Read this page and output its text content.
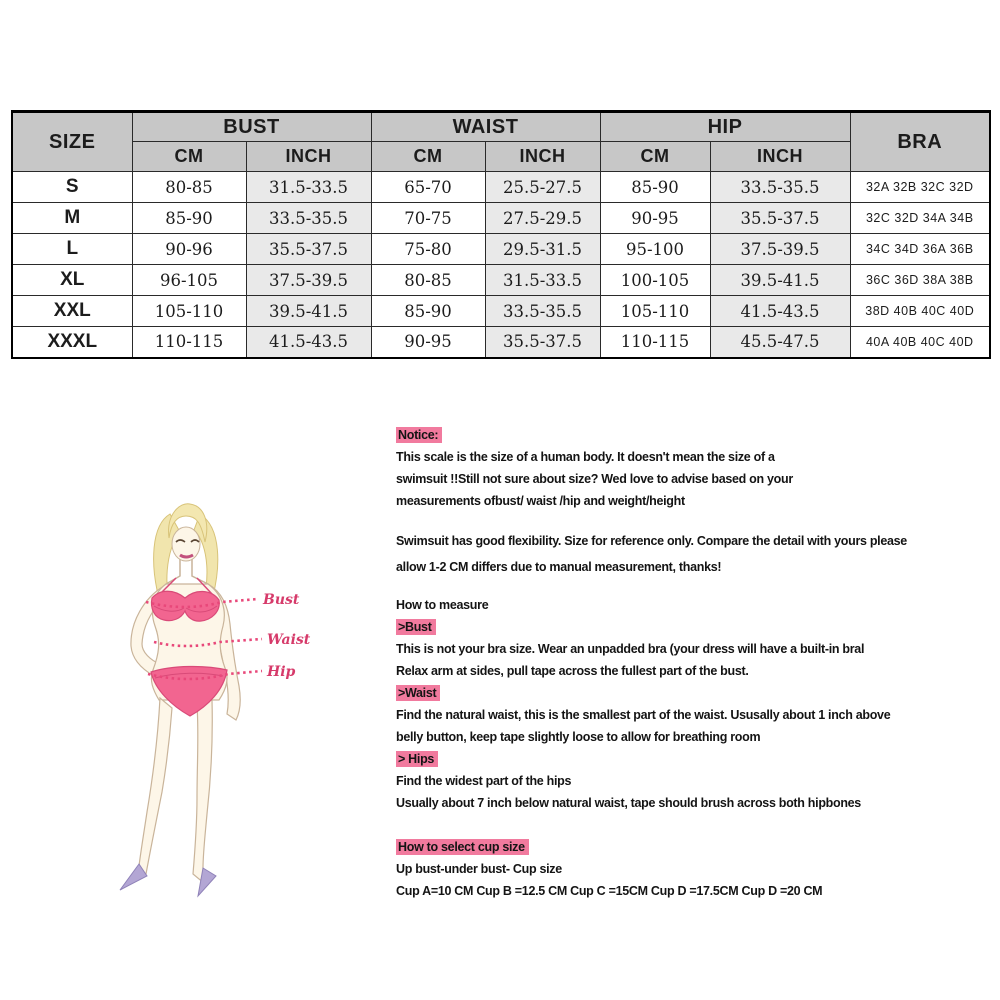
SIZE	BUST		WAIST		HIP		BRA
	CM	INCH	CM	INCH	CM	INCH	
S	80-85	31.5-33.5	65-70	25.5-27.5	85-90	33.5-35.5	32A 32B 32C 32D
M	85-90	33.5-35.5	70-75	27.5-29.5	90-95	35.5-37.5	32C 32D 34A 34B
L	90-96	35.5-37.5	75-80	29.5-31.5	95-100	37.5-39.5	34C 34D 36A 36B
XL	96-105	37.5-39.5	80-85	31.5-33.5	100-105	39.5-41.5	36C 36D 38A 38B
XXL	105-110	39.5-41.5	85-90	33.5-35.5	105-110	41.5-43.5	38D 40B 40C 40D
XXXL	110-115	41.5-43.5	90-95	35.5-37.5	110-115	45.5-47.5	40A 40B 40C 40D
Bust
Waist
Hip
Notice:
This scale is the size of a human body. It doesn't mean the size of a
swimsuit !!Still not sure about size? Wed love to advise based on your
measurements ofbust/ waist /hip and weight/height
Swimsuit has good flexibility. Size for reference only. Compare the detail with yours please
allow 1-2 CM differs due to manual measurement, thanks!
How to measure
>Bust
This is not your bra size. Wear an unpadded bra (your dress will have a built-in bral
Relax arm at sides, pull tape across the fullest part of the bust.
>Waist
Find the natural waist, this is the smallest part of the waist. Ususally about 1 inch above
belly button, keep tape slightly loose to allow for breathing room
> Hips
Find the widest part of the hips
Usually about 7 inch below natural waist, tape should brush across both hipbones
How to select cup size
Up bust-under bust- Cup size
Cup A=10 CM Cup B =12.5 CM Cup C =15CM Cup D =17.5CM Cup D =20 CM
